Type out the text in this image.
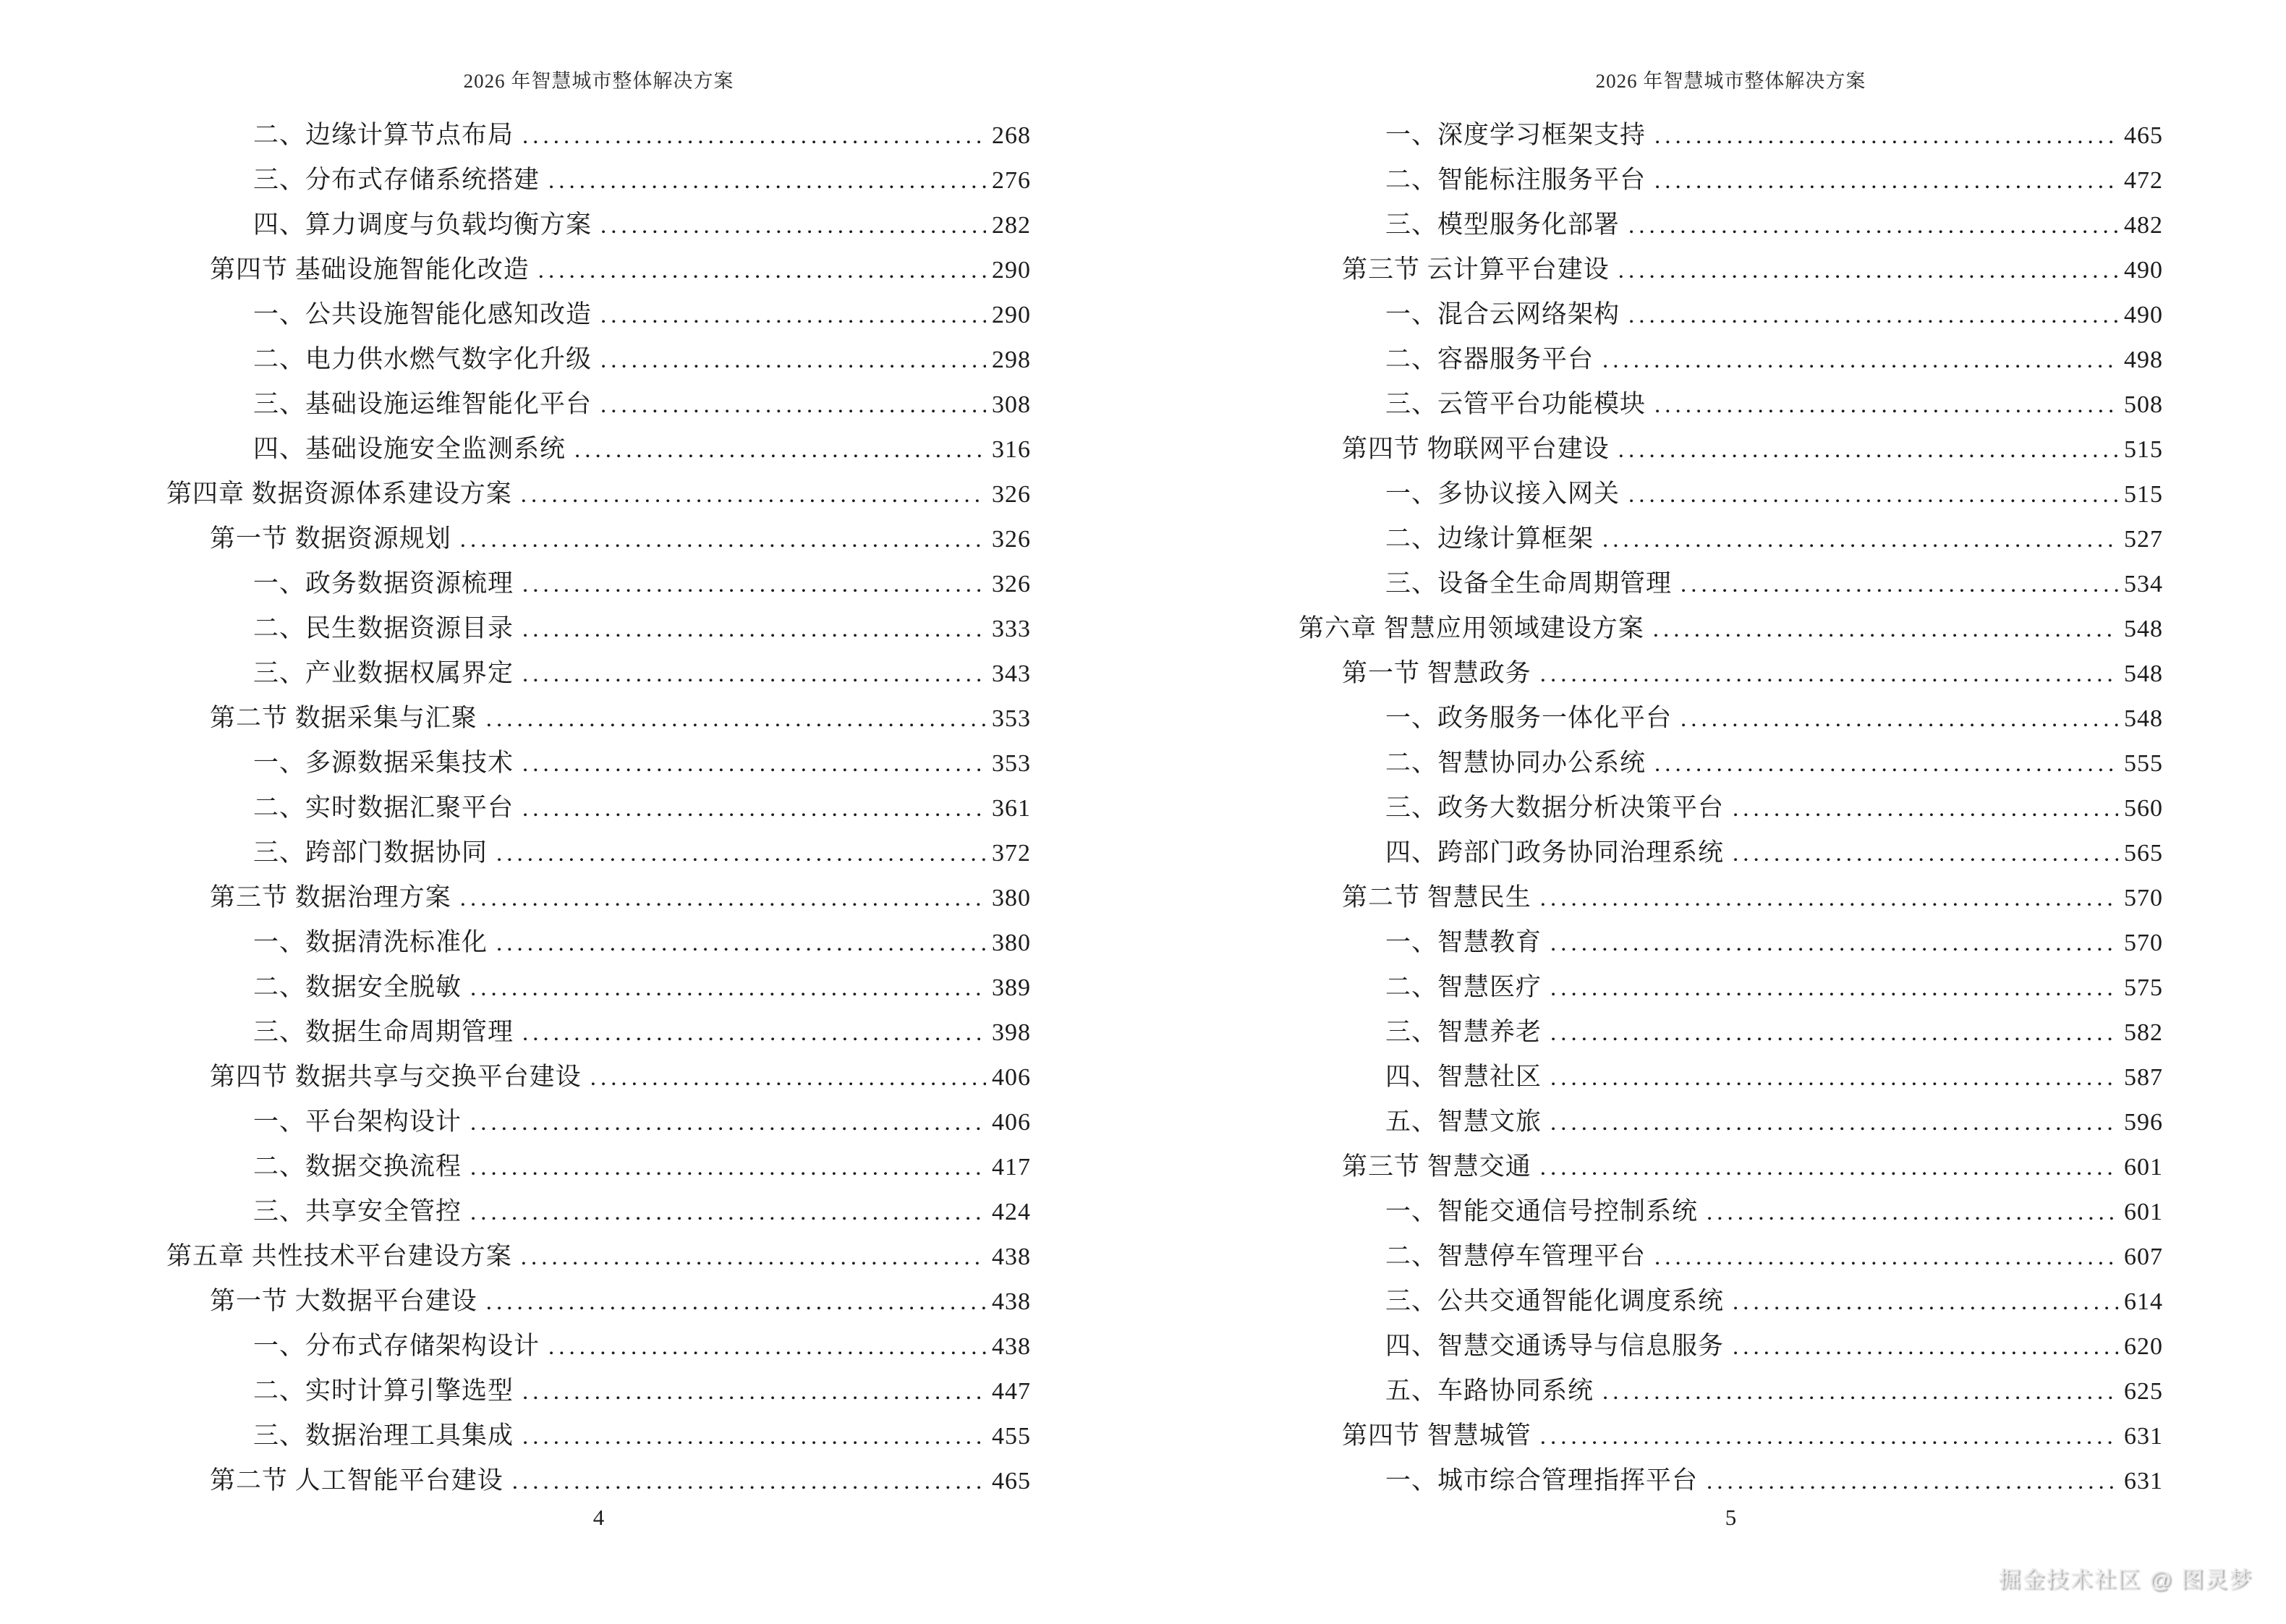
2026 年智慧城市整体解决方案
二、边缘计算节点布局 .....	268
三、分布式存储系统搭建 .....	276
四、算力调度与负载均衡方案 .....	282
第四节 基础设施智能化改造 .....	290
一、公共设施智能化感知改造 .....	290
二、电力供水燃气数字化升级 .....	298
三、基础设施运维智能化平台 .....	308
四、基础设施安全监测系统 .....	316
第四章 数据资源体系建设方案 .....	326
第一节 数据资源规划 .....	326
一、政务数据资源梳理 .....	326
二、民生数据资源目录 .....	333
三、产业数据权属界定 .....	343
第二节 数据采集与汇聚 .....	353
一、多源数据采集技术 .....	353
二、实时数据汇聚平台 .....	361
三、跨部门数据协同 .....	372
第三节 数据治理方案 .....	380
一、数据清洗标准化 .....	380
二、数据安全脱敏 .....	389
三、数据生命周期管理 .....	398
第四节 数据共享与交换平台建设 .....	406
一、平台架构设计 .....	406
二、数据交换流程 .....	417
三、共享安全管控 .....	424
第五章 共性技术平台建设方案 .....	438
第一节 大数据平台建设 .....	438
一、分布式存储架构设计 .....	438
二、实时计算引擎选型 .....	447
三、数据治理工具集成 .....	455
第二节 人工智能平台建设 .....	465
4
2026 年智慧城市整体解决方案
一、深度学习框架支持 .....	465
二、智能标注服务平台 .....	472
三、模型服务化部署 .....	482
第三节 云计算平台建设 .....	490
一、混合云网络架构 .....	490
二、容器服务平台 .....	498
三、云管平台功能模块 .....	508
第四节 物联网平台建设 .....	515
一、多协议接入网关 .....	515
二、边缘计算框架 .....	527
三、设备全生命周期管理 .....	534
第六章 智慧应用领域建设方案 .....	548
第一节 智慧政务 .....	548
一、政务服务一体化平台 .....	548
二、智慧协同办公系统 .....	555
三、政务大数据分析决策平台 .....	560
四、跨部门政务协同治理系统 .....	565
第二节 智慧民生 .....	570
一、智慧教育 .....	570
二、智慧医疗 .....	575
三、智慧养老 .....	582
四、智慧社区 .....	587
五、智慧文旅 .....	596
第三节 智慧交通 .....	601
一、智能交通信号控制系统 .....	601
二、智慧停车管理平台 .....	607
三、公共交通智能化调度系统 .....	614
四、智慧交通诱导与信息服务 .....	620
五、车路协同系统 .....	625
第四节 智慧城管 .....	631
一、城市综合管理指挥平台 .....	631
5
掘金技术社区 @ 图灵梦
